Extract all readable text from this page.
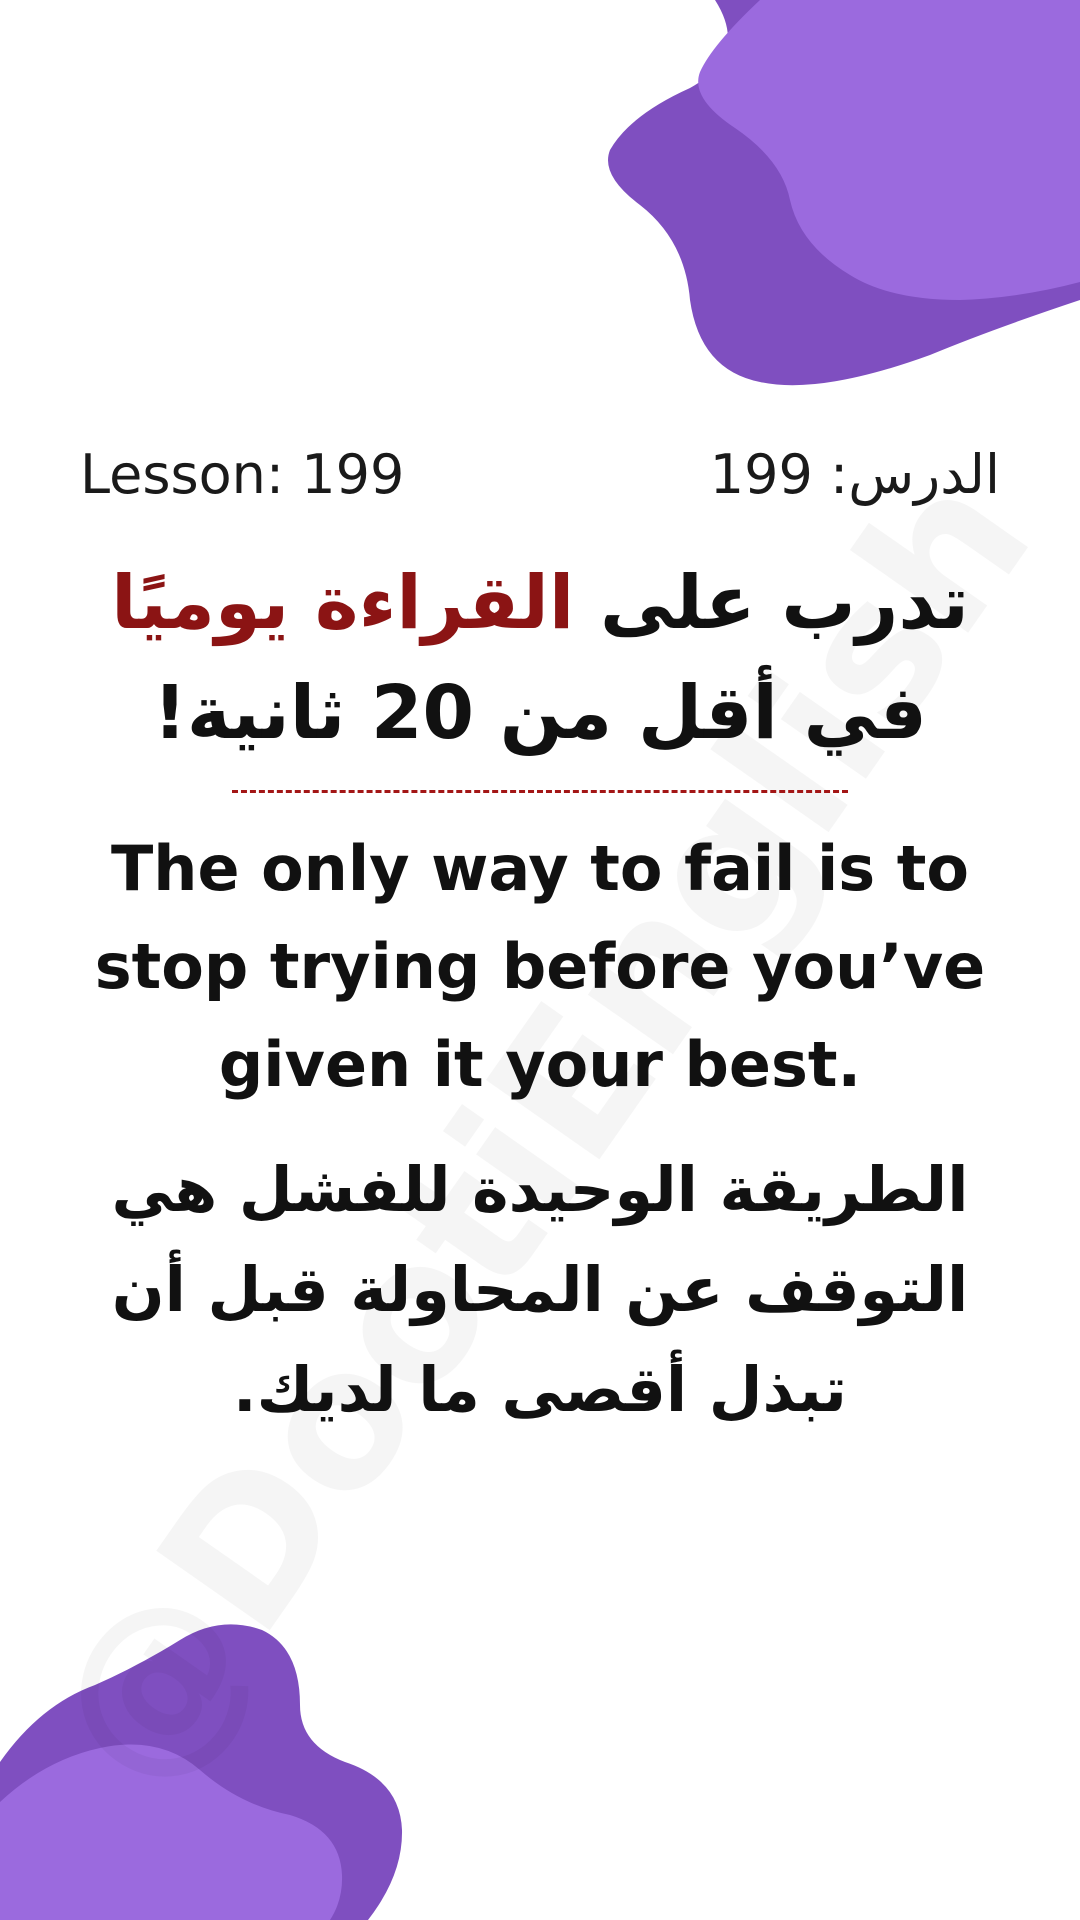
Lesson: 199	الدرس: 199
تدرب على القراءة يوميًا في أقل من 20 ثانية!
The only way to fail is to stop trying before you’ve given it your best.
الطريقة الوحيدة للفشل هي التوقف عن المحاولة قبل أن تبذل أقصى ما لديك.
